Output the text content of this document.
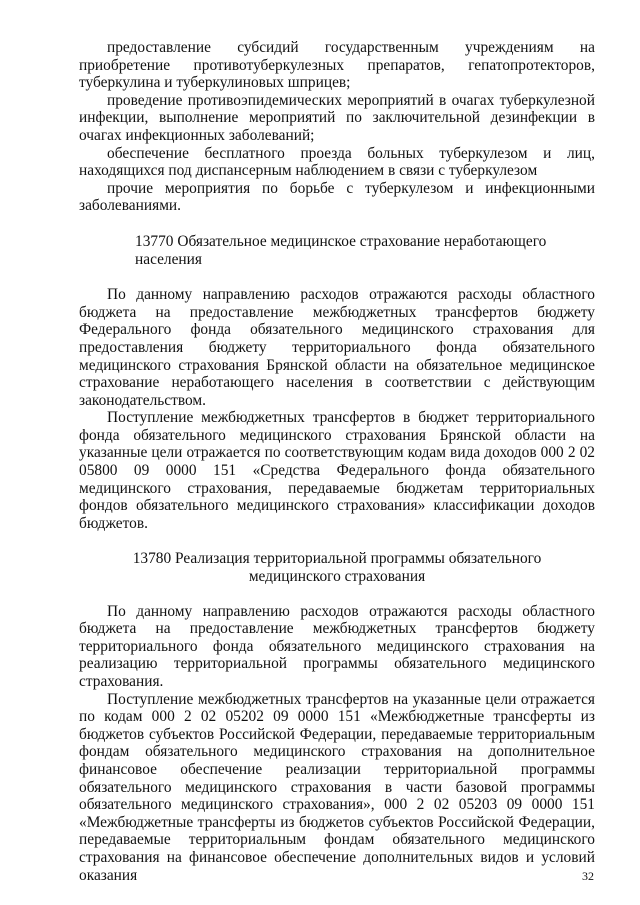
предоставление субсидий государственным учреждениям на приобретение противотуберкулезных препаратов, гепатопротекторов, туберкулина и туберкулиновых шприцев;

проведение противоэпидемических мероприятий в очагах туберкулезной инфекции, выполнение мероприятий по заключительной дезинфекции в очагах инфекционных заболеваний;

обеспечение бесплатного проезда больных туберкулезом и лиц, находящихся под диспансерным наблюдением в связи с туберкулезом

прочие мероприятия по борьбе с туберкулезом и инфекционными заболеваниями.

13770 Обязательное медицинское страхование неработающего населения

По данному направлению расходов отражаются расходы областного бюджета на предоставление межбюджетных трансфертов бюджету Федерального фонда обязательного медицинского страхования для предоставления бюджету территориального фонда обязательного медицинского страхования Брянской области на обязательное медицинское страхование неработающего населения в соответствии с действующим законодательством.

Поступление межбюджетных трансфертов в бюджет территориального фонда обязательного медицинского страхования Брянской области на указанные цели отражается по соответствующим кодам вида доходов 000 2 02 05800 09 0000 151 «Средства Федерального фонда обязательного медицинского страхования, передаваемые бюджетам территориальных фондов обязательного медицинского страхования» классификации доходов бюджетов.

13780 Реализация территориальной программы обязательного
медицинского страхования

По данному направлению расходов отражаются расходы областного бюджета на предоставление межбюджетных трансфертов бюджету территориального фонда обязательного медицинского страхования на реализацию территориальной программы обязательного медицинского страхования.

Поступление межбюджетных трансфертов на указанные цели отражается по кодам 000 2 02 05202 09 0000 151 «Межбюджетные трансферты из бюджетов субъектов Российской Федерации, передаваемые территориальным фондам обязательного медицинского страхования на дополнительное финансовое обеспечение реализации территориальной программы обязательного медицинского страхования в части базовой программы обязательного медицинского страхования», 000 2 02 05203 09 0000 151 «Межбюджетные трансферты из бюджетов субъектов Российской Федерации, передаваемые территориальным фондам обязательного медицинского страхования на финансовое обеспечение дополнительных видов и условий оказания	32
